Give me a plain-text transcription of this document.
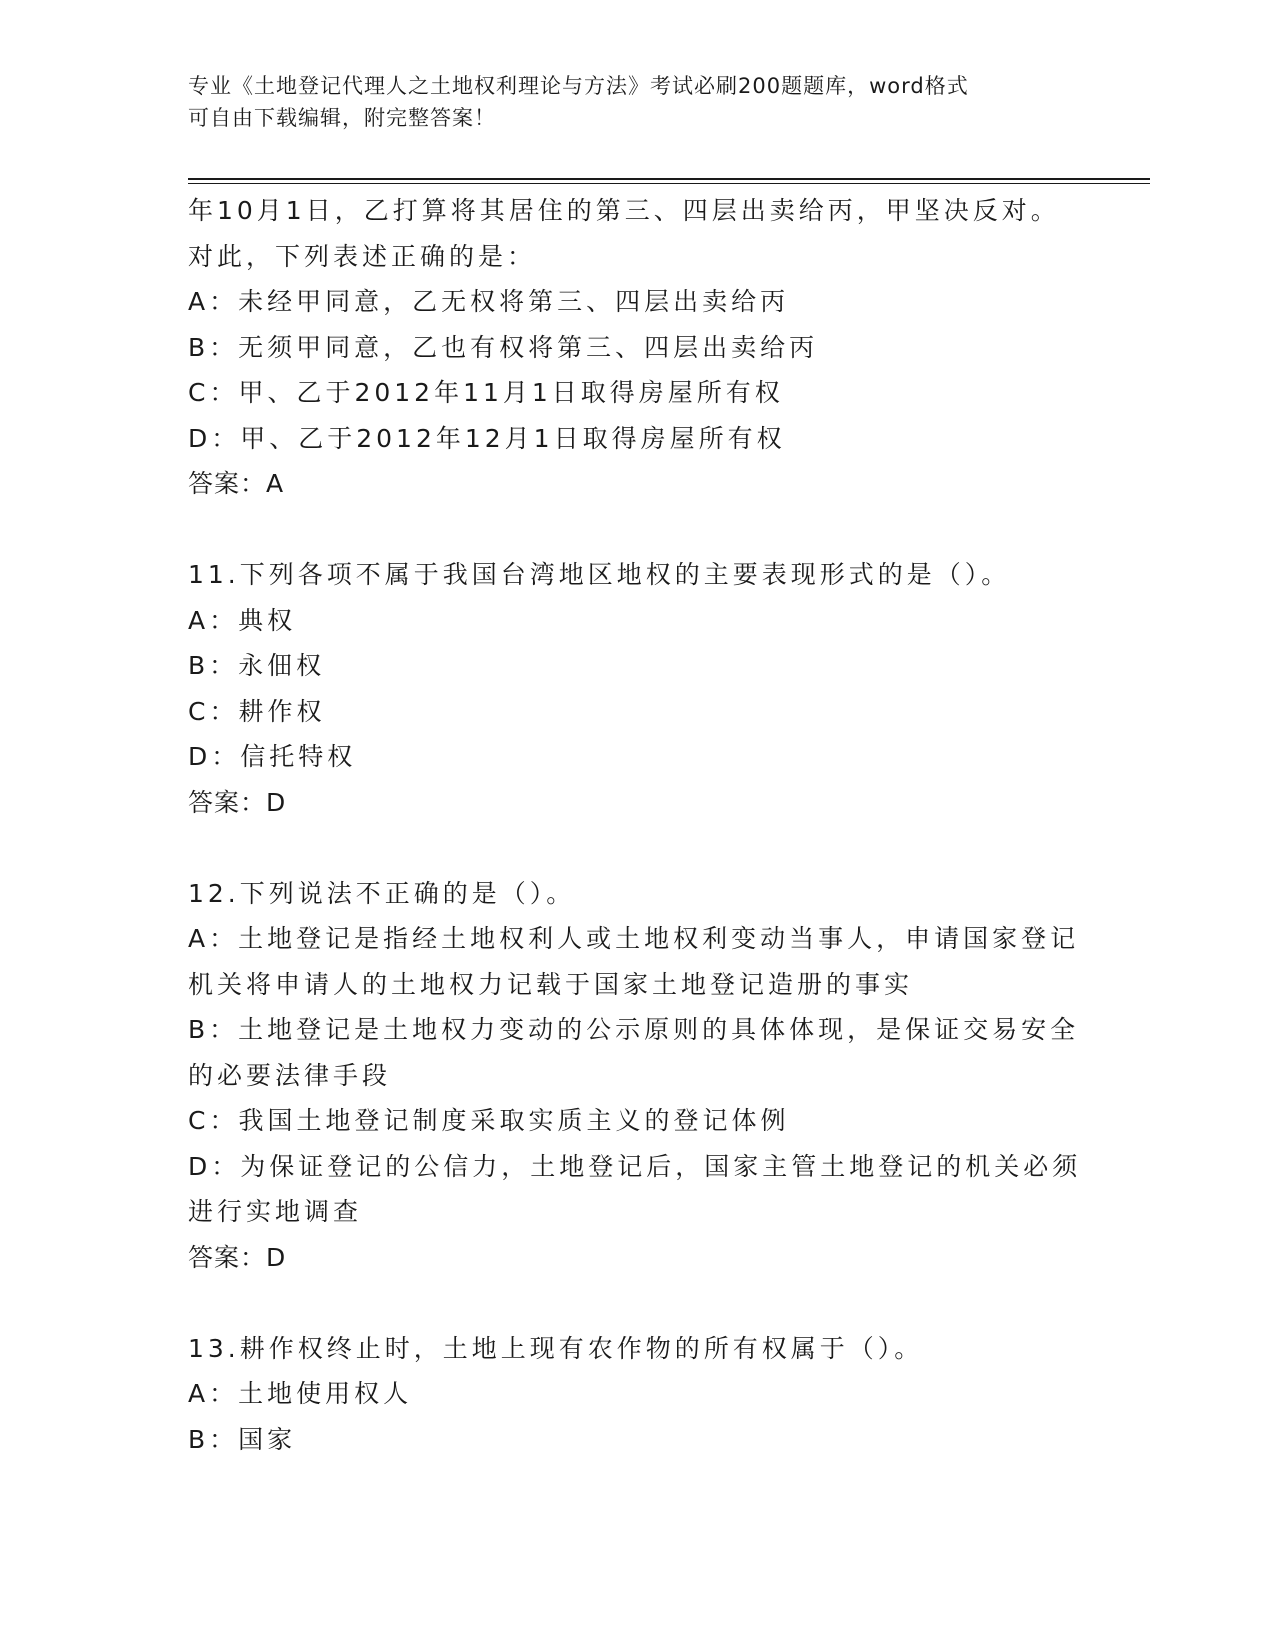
专业《土地登记代理人之土地权利理论与方法》考试必刷200题题库，word格式
可自由下载编辑，附完整答案！
年10月1日，乙打算将其居住的第三、四层出卖给丙，甲坚决反对。
对此，下列表述正确的是：
A：未经甲同意，乙无权将第三、四层出卖给丙
B：无须甲同意，乙也有权将第三、四层出卖给丙
C：甲、乙于2012年11月1日取得房屋所有权
D：甲、乙于2012年12月1日取得房屋所有权
答案：A
11.下列各项不属于我国台湾地区地权的主要表现形式的是（）。
A：典权
B：永佃权
C：耕作权
D：信托特权
答案：D
12.下列说法不正确的是（）。
A：土地登记是指经土地权利人或土地权利变动当事人，申请国家登记
机关将申请人的土地权力记载于国家土地登记造册的事实
B：土地登记是土地权力变动的公示原则的具体体现，是保证交易安全
的必要法律手段
C：我国土地登记制度采取实质主义的登记体例
D：为保证登记的公信力，土地登记后，国家主管土地登记的机关必须
进行实地调查
答案：D
13.耕作权终止时，土地上现有农作物的所有权属于（）。
A：土地使用权人
B：国家
